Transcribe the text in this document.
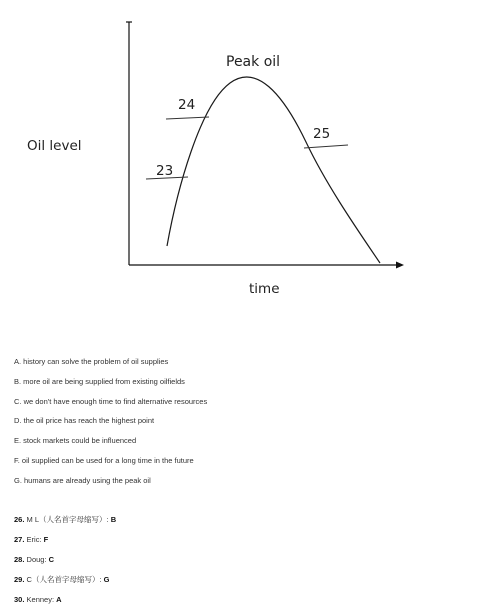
Peak oil
Oil level
time
23
24
25
A. history can solve the problem of oil supplies
B. more oil are being supplied from existing oilfields
C. we don't have enough time to find alternative resources
D. the oil price has reach the highest point
E. stock markets could be influenced
F. oil supplied can be used for a long time in the future
G. humans are already using the peak oil
26. M L（人名首字母缩写）: B
27. Eric: F
28. Doug: C
29. C（人名首字母缩写）: G
30. Kenney: A
